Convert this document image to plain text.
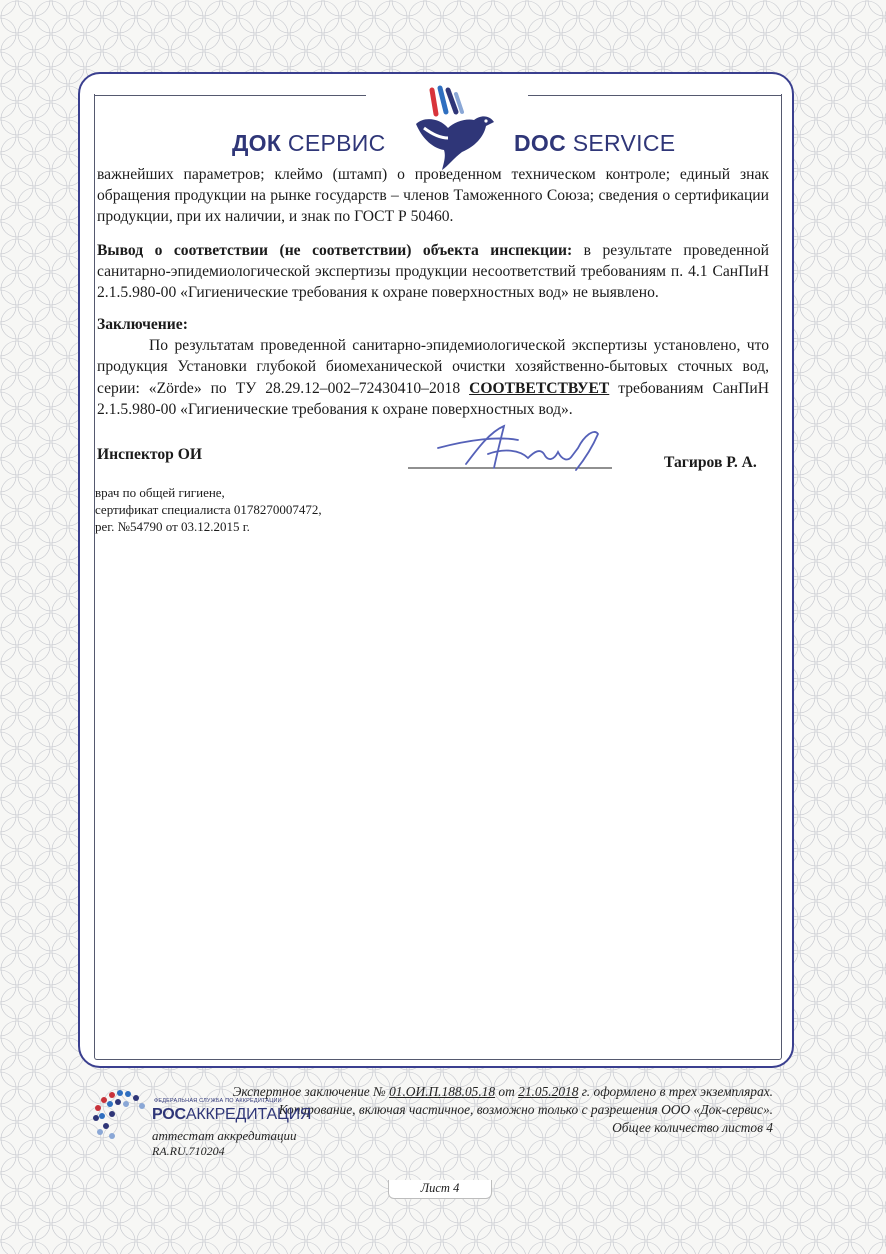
ДОК СЕРВИС	DOC SERVICE

важнейших параметров; клеймо (штамп) о проведенном техническом контроле; единый знак обращения продукции на рынке государств – членов Таможенного Союза; сведения о сертификации продукции, при их наличии, и знак по ГОСТ Р 50460.

Вывод о соответствии (не соответствии) объекта инспекции: в результате проведенной санитарно-эпидемиологической экспертизы продукции несоответствий требованиям п. 4.1 СанПиН 2.1.5.980-00 «Гигиенические требования к охране поверхностных вод» не выявлено.

Заключение:

По результатам проведенной санитарно-эпидемиологической экспертизы установлено, что продукция Установки глубокой биомеханической очистки хозяйственно-бытовых сточных вод, серии: «Zörde» по ТУ 28.29.12–002–72430410–2018 СООТВЕТСТВУЕТ требованиям СанПиН 2.1.5.980-00 «Гигиенические требования к охране поверхностных вод».

Инспектор ОИ	Тагиров Р. А.
врач по общей гигиене,
сертификат специалиста 0178270007472,
рег. №54790 от 03.12.2015 г.
Экспертное заключение № 01.ОИ.П.188.05.18 от 21.05.2018 г. оформлено в трех экземплярах.
Копирование, включая частичное, возможно только с разрешения ООО «Док-сервис».
Общее количество листов 4
ФЕДЕРАЛЬНАЯ СЛУЖБА ПО АККРЕДИТАЦИИ
РОСАККРЕДИТАЦИЯ
аттестат аккредитации
RA.RU.710204
Лист 4
